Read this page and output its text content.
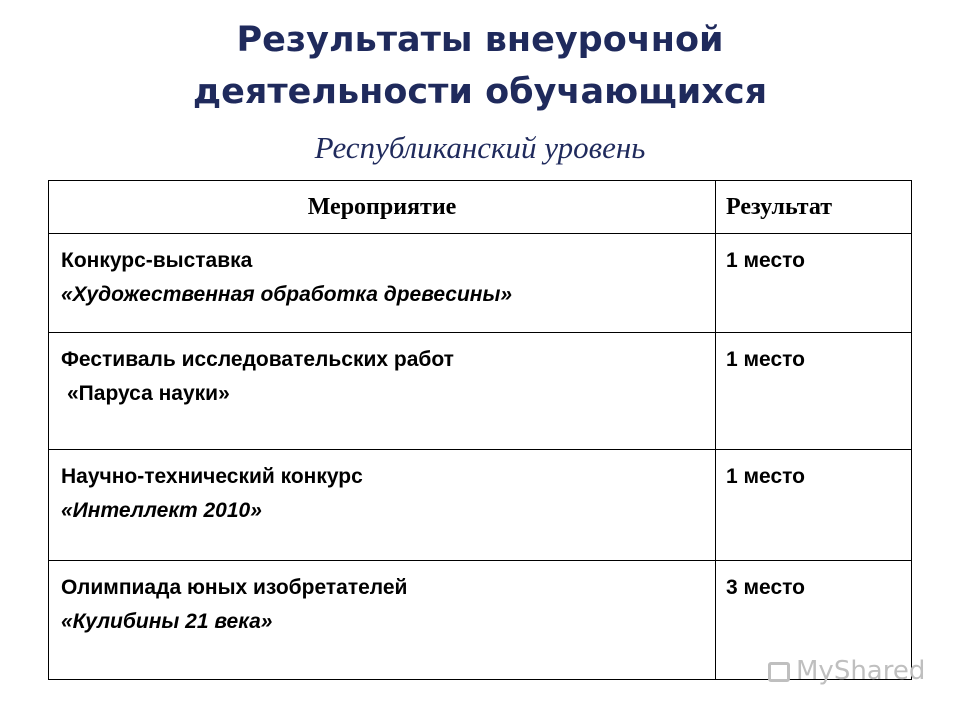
Результаты внеурочной
деятельности обучающихся
Республиканский уровень
Мероприятие	Результат

Конкурс-выставка
«Художественная обработка древесины»	1 место

Фестиваль исследовательских работ
«Паруса науки»	1 место

Научно-технический конкурс
«Интеллект 2010»	1 место

Олимпиада юных изобретателей
«Кулибины 21 века»	3 место
MyShared
